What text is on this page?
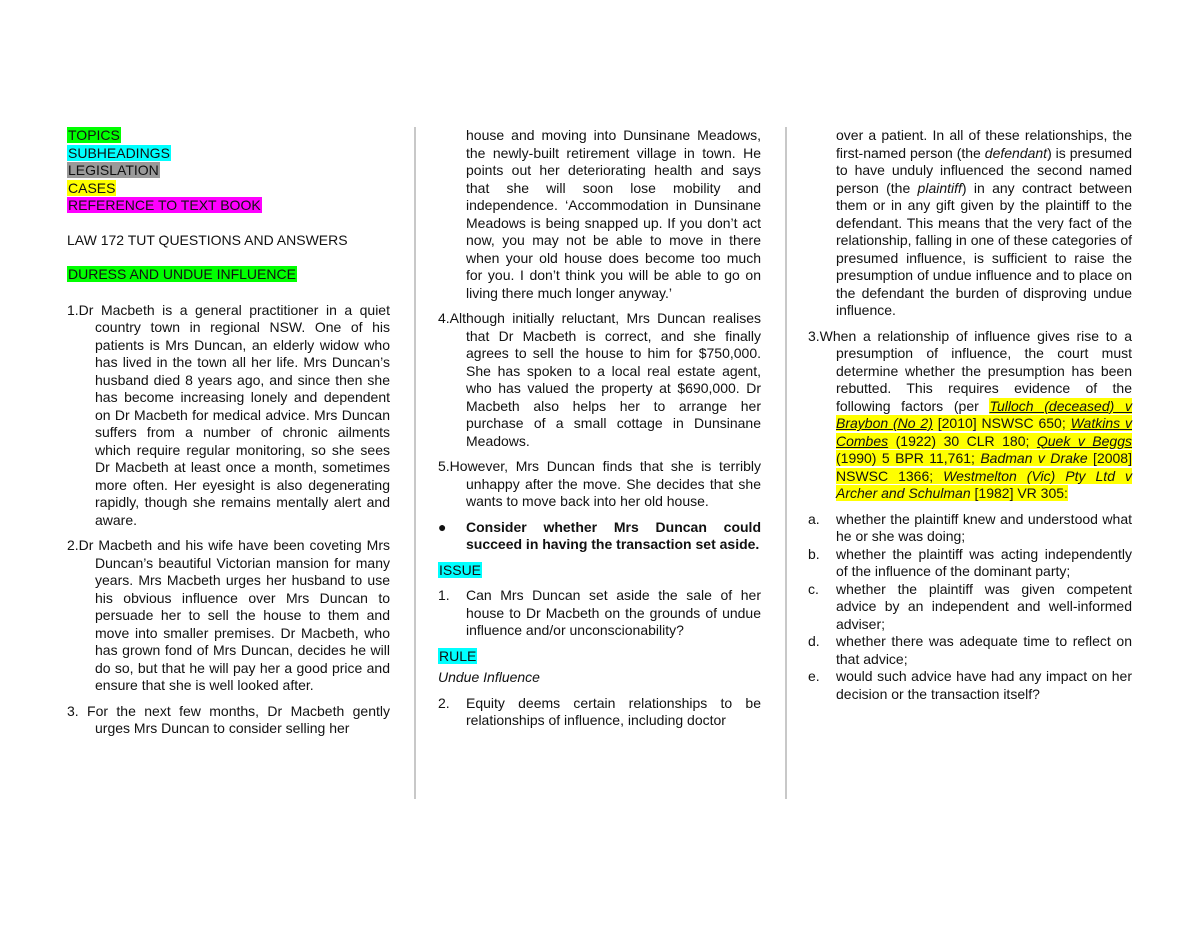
TOPICS
SUBHEADINGS
LEGISLATION
CASES
REFERENCE TO TEXT BOOK
LAW 172 TUT QUESTIONS AND ANSWERS
DURESS AND UNDUE INFLUENCE

1.Dr Macbeth is a general practitioner in a quiet country town in regional NSW. One of his patients is Mrs Duncan, an elderly widow who has lived in the town all her life. Mrs Duncan’s husband died 8 years ago, and since then she has become increasing lonely and dependent on Dr Macbeth for medical advice. Mrs Duncan suffers from a number of chronic ailments which require regular monitoring, so she sees Dr Macbeth at least once a month, sometimes more often. Her eyesight is also degenerating rapidly, though she remains mentally alert and aware.

2.Dr Macbeth and his wife have been coveting Mrs Duncan’s beautiful Victorian mansion for many years. Mrs Macbeth urges her husband to use his obvious influence over Mrs Duncan to persuade her to sell the house to them and move into smaller premises. Dr Macbeth, who has grown fond of Mrs Duncan, decides he will do so, but that he will pay her a good price and ensure that she is well looked after.

3. For the next few months, Dr Macbeth gently urges Mrs Duncan to consider selling her

house and moving into Dunsinane Meadows, the newly-built retirement village in town. He points out her deteriorating health and says that she will soon lose mobility and independence. ‘Accommodation in Dunsinane Meadows is being snapped up. If you don’t act now, you may not be able to move in there when your old house does become too much for you. I don’t think you will be able to go on living there much longer anyway.’

4.Although initially reluctant, Mrs Duncan realises that Dr Macbeth is correct, and she finally agrees to sell the house to him for $750,000. She has spoken to a local real estate agent, who has valued the property at $690,000. Dr Macbeth also helps her to arrange her purchase of a small cottage in Dunsinane Meadows.

5.However, Mrs Duncan finds that she is terribly unhappy after the move. She decides that she wants to move back into her old house.

● Consider whether Mrs Duncan could succeed in having the transaction set aside.

ISSUE
1. Can Mrs Duncan set aside the sale of her house to Dr Macbeth on the grounds of undue influence and/or unconscionability?

RULE
Undue Influence
2. Equity deems certain relationships to be relationships of influence, including doctor

over a patient. In all of these relationships, the first-named person (the defendant) is presumed to have unduly influenced the second named person (the plaintiff) in any contract between them or in any gift given by the plaintiff to the defendant. This means that the very fact of the relationship, falling in one of these categories of presumed influence, is sufficient to raise the presumption of undue influence and to place on the defendant the burden of disproving undue influence.

3.When a relationship of influence gives rise to a presumption of influence, the court must determine whether the presumption has been rebutted. This requires evidence of the following factors (per Tulloch (deceased) v Braybon (No 2) [2010] NSWSC 650; Watkins v Combes (1922) 30 CLR 180; Quek v Beggs (1990) 5 BPR 11,761; Badman v Drake [2008] NSWSC 1366; Westmelton (Vic) Pty Ltd v Archer and Schulman [1982] VR 305:

a. whether the plaintiff knew and understood what he or she was doing;
b. whether the plaintiff was acting independently of the influence of the dominant party;
c. whether the plaintiff was given competent advice by an independent and well-informed adviser;
d. whether there was adequate time to reflect on that advice;
e. would such advice have had any impact on her decision or the transaction itself?
